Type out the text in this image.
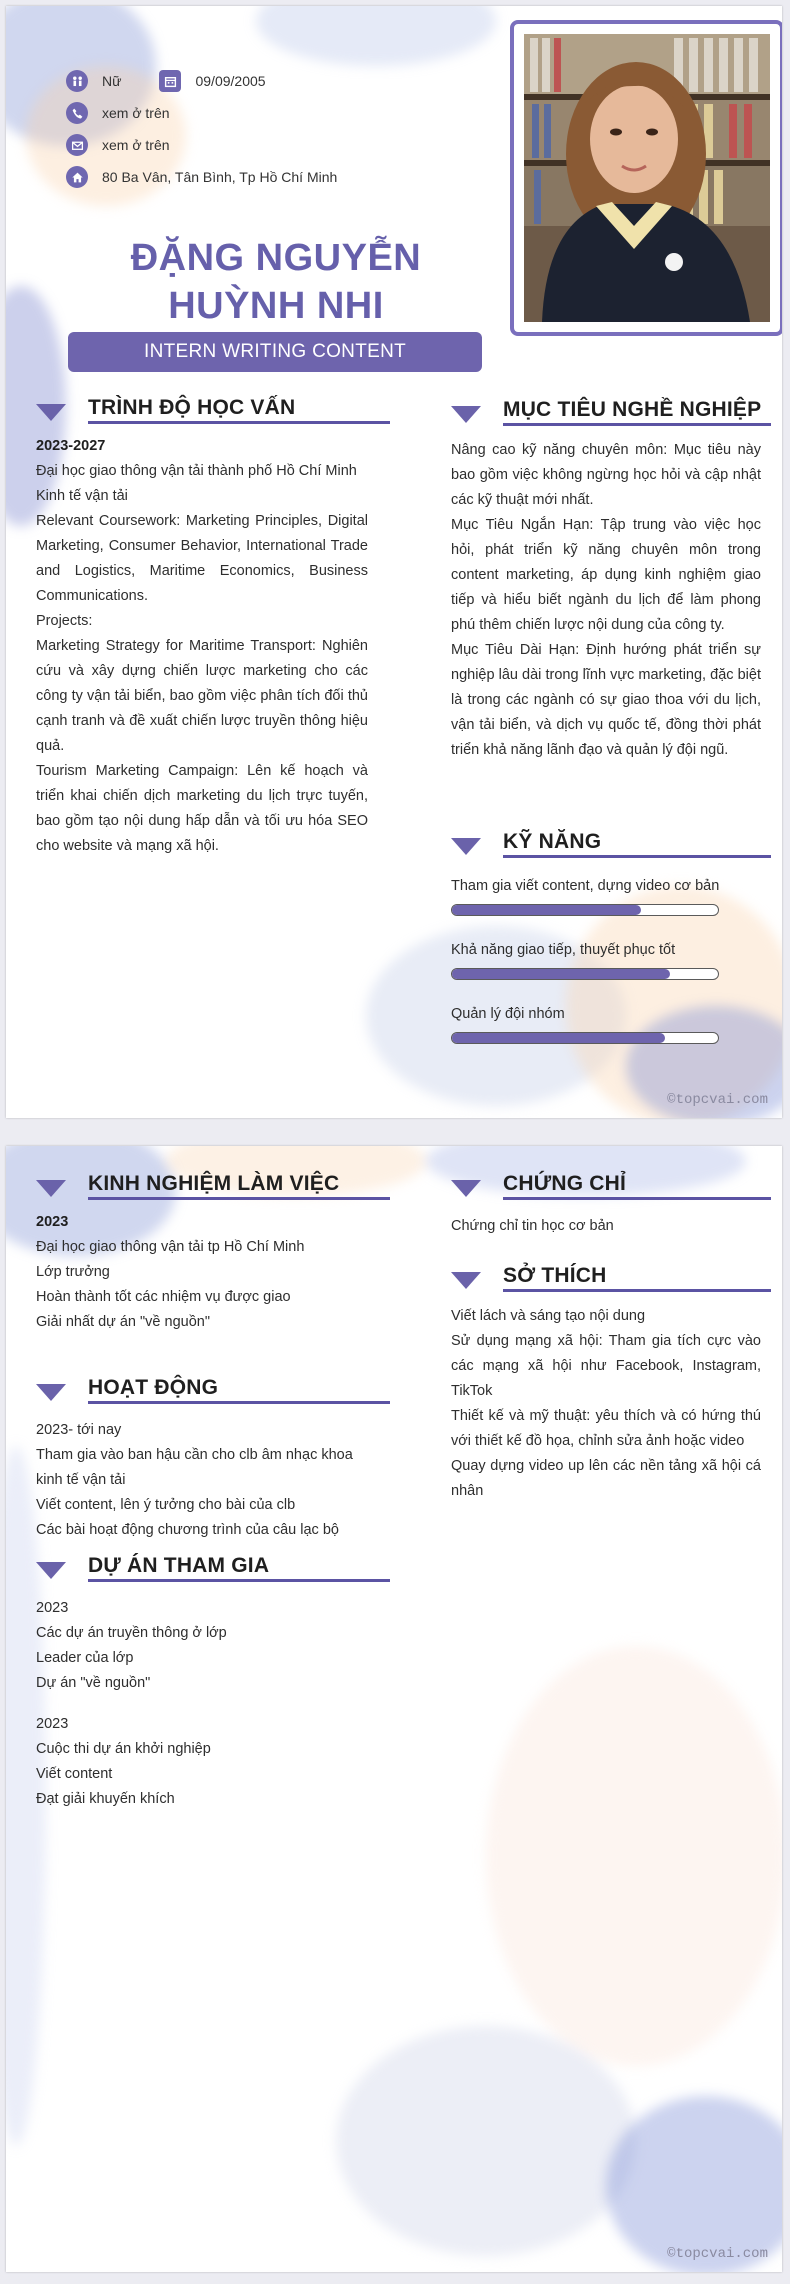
Nữ	09/09/2005
xem ở trên
xem ở trên
80 Ba Vân, Tân Bình, Tp Hồ Chí Minh
ĐẶNG NGUYỄN HUỲNH NHI
INTERN WRITING CONTENT
TRÌNH ĐỘ HỌC VẤN
2023-2027
Đại học giao thông vận tải thành phố Hồ Chí Minh
Kinh tế vận tải
Relevant Coursework: Marketing Principles, Digital Marketing, Consumer Behavior, International Trade and Logistics, Maritime Economics, Business Communications.
Projects:
Marketing Strategy for Maritime Transport: Nghiên cứu và xây dựng chiến lược marketing cho các công ty vận tải biển, bao gồm việc phân tích đối thủ cạnh tranh và đề xuất chiến lược truyền thông hiệu quả.
Tourism Marketing Campaign: Lên kế hoạch và triển khai chiến dịch marketing du lịch trực tuyến, bao gồm tạo nội dung hấp dẫn và tối ưu hóa SEO cho website và mạng xã hội.
MỤC TIÊU NGHỀ NGHIỆP
Nâng cao kỹ năng chuyên môn: Mục tiêu này bao gồm việc không ngừng học hỏi và cập nhật các kỹ thuật mới nhất.
Mục Tiêu Ngắn Hạn: Tập trung vào việc học hỏi, phát triển kỹ năng chuyên môn trong content marketing, áp dụng kinh nghiệm giao tiếp và hiểu biết ngành du lịch để làm phong phú thêm chiến lược nội dung của công ty.
Mục Tiêu Dài Hạn: Định hướng phát triển sự nghiệp lâu dài trong lĩnh vực marketing, đặc biệt là trong các ngành có sự giao thoa với du lịch, vận tải biển, và dịch vụ quốc tế, đồng thời phát triển khả năng lãnh đạo và quản lý đội ngũ.
KỸ NĂNG
Tham gia viết content, dựng video cơ bản
Khả năng giao tiếp, thuyết phục tốt
Quản lý đội nhóm
©topcvai.com
KINH NGHIỆM LÀM VIỆC
2023
Đại học giao thông vận tải tp Hồ Chí Minh
Lớp trưởng
Hoàn thành tốt các nhiệm vụ được giao
Giải nhất dự án "về nguồn"
HOẠT ĐỘNG
2023- tới nay
Tham gia vào ban hậu cần cho clb âm nhạc khoa kinh tế vận tải
Viết content, lên ý tưởng cho bài của clb
Các bài hoạt động chương trình của câu lạc bộ
DỰ ÁN THAM GIA
2023
Các dự án truyền thông ở lớp
Leader của lớp
Dự án "về nguồn"
2023
Cuộc thi dự án khởi nghiệp
Viết content
Đạt giải khuyến khích
CHỨNG CHỈ
Chứng chỉ tin học cơ bản
SỞ THÍCH
Viết lách và sáng tạo nội dung
Sử dụng mạng xã hội: Tham gia tích cực vào các mạng xã hội như Facebook, Instagram, TikTok
Thiết kế và mỹ thuật: yêu thích và có hứng thú với thiết kế đồ họa, chỉnh sửa ảnh hoặc video
Quay dựng video up lên các nền tảng xã hội cá nhân
©topcvai.com
